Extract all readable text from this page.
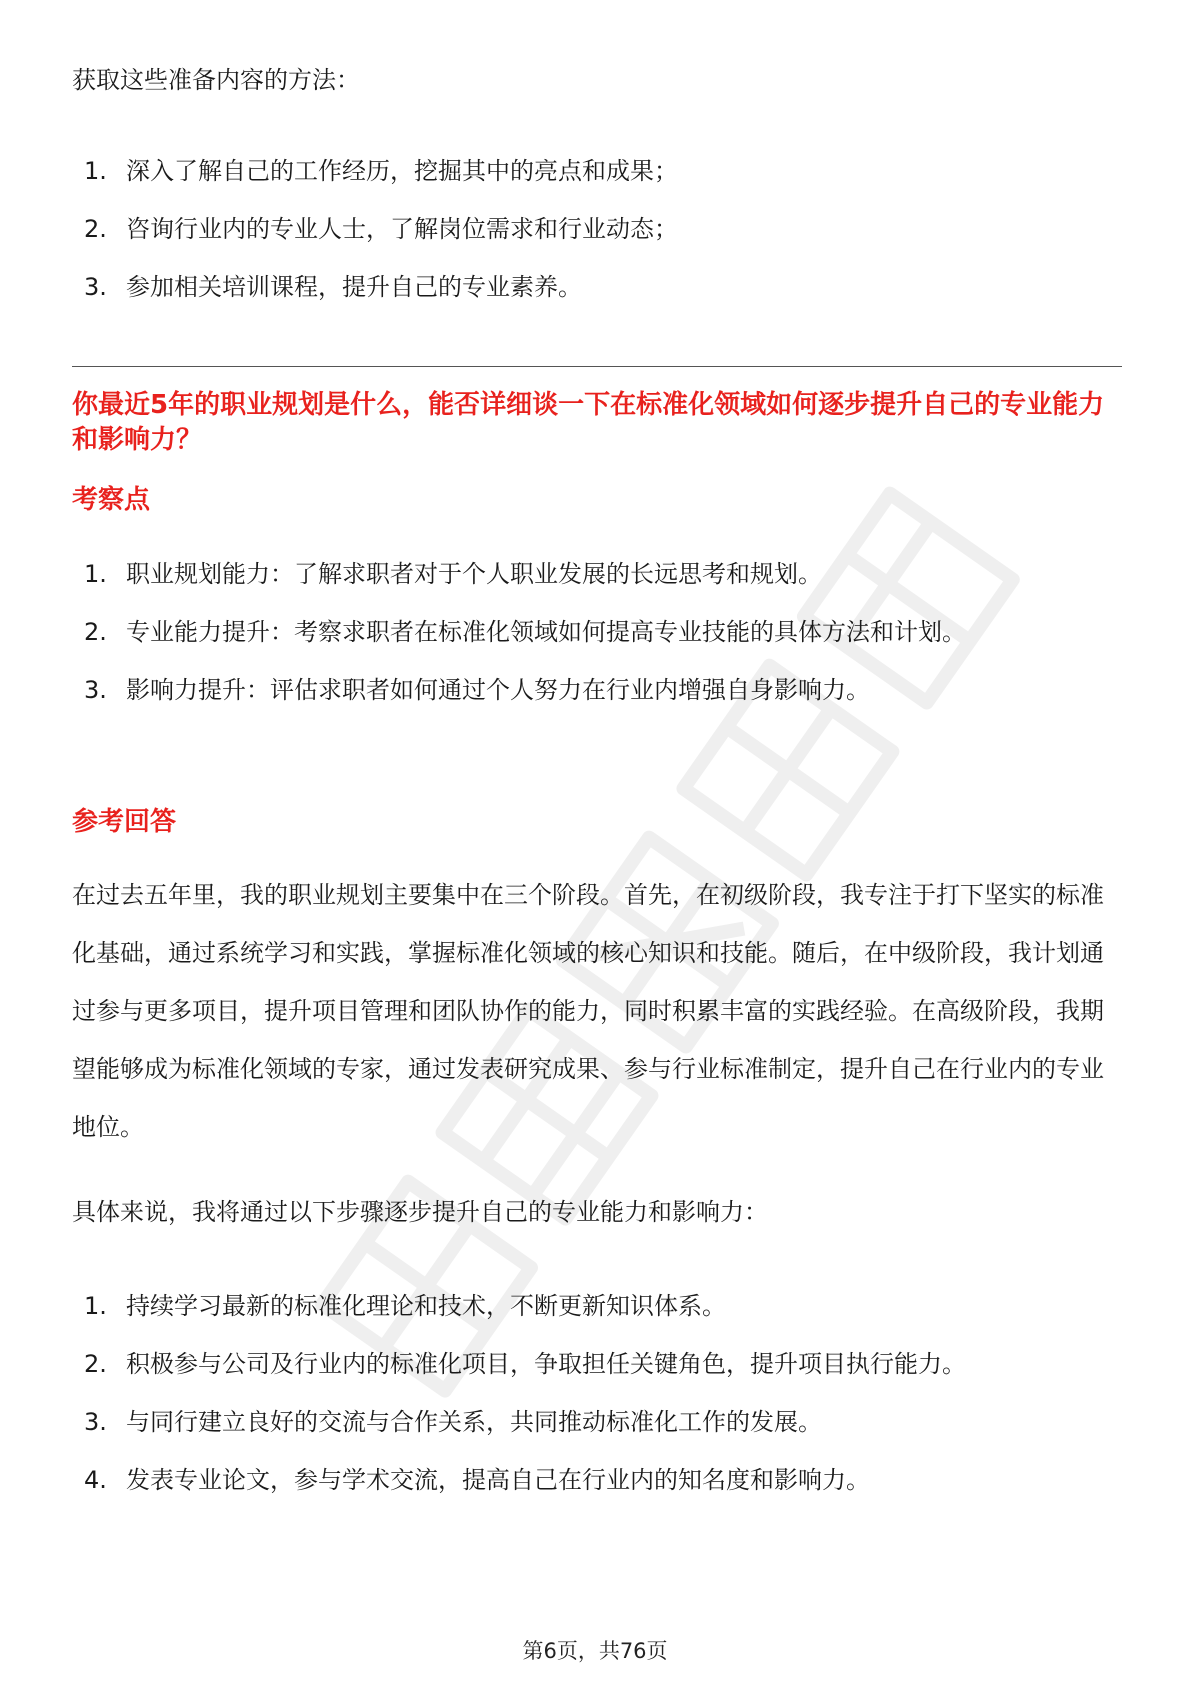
获取这些准备内容的方法：

1. 深入了解自己的工作经历，挖掘其中的亮点和成果；
2. 咨询行业内的专业人士，了解岗位需求和行业动态；
3. 参加相关培训课程，提升自己的专业素养。

你最近5年的职业规划是什么，能否详细谈一下在标准化领域如何逐步提升自己的专业能力和影响力？

考察点
1. 职业规划能力：了解求职者对于个人职业发展的长远思考和规划。
2. 专业能力提升：考察求职者在标准化领域如何提高专业技能的具体方法和计划。
3. 影响力提升：评估求职者如何通过个人努力在行业内增强自身影响力。
参考回答

在过去五年里，我的职业规划主要集中在三个阶段。首先，在初级阶段，我专注于打下坚实的标准化基础，通过系统学习和实践，掌握标准化领域的核心知识和技能。随后，在中级阶段，我计划通过参与更多项目，提升项目管理和团队协作的能力，同时积累丰富的实践经验。在高级阶段，我期望能够成为标准化领域的专家，通过发表研究成果、参与行业标准制定，提升自己在行业内的专业地位。

具体来说，我将通过以下步骤逐步提升自己的专业能力和影响力：

1. 持续学习最新的标准化理论和技术，不断更新知识体系。
2. 积极参与公司及行业内的标准化项目，争取担任关键角色，提升项目执行能力。
3. 与同行建立良好的交流与合作关系，共同推动标准化工作的发展。
4. 发表专业论文，参与学术交流，提高自己在行业内的知名度和影响力。
第6页，共76页
